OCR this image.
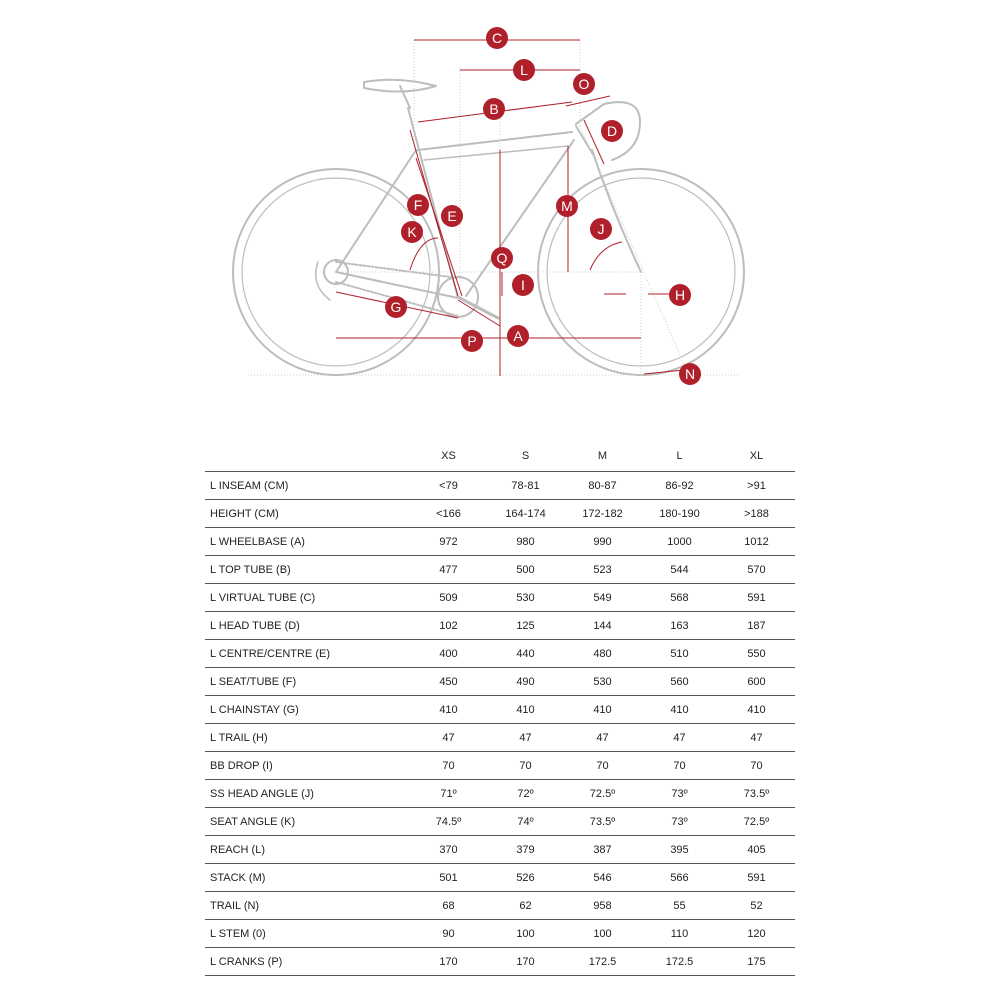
C
L
O
B
D
F
E
M
J
K
Q
I
H
G
A
P
N
	XS	S	M	L	XL
L INSEAM (CM)	<79	78-81	80-87	86-92	>91
HEIGHT (CM)	<166	164-174	172-182	180-190	>188
L WHEELBASE (A)	972	980	990	1000	1012
L TOP TUBE (B)	477	500	523	544	570
L VIRTUAL TUBE (C)	509	530	549	568	591
L HEAD TUBE (D)	102	125	144	163	187
L CENTRE/CENTRE (E)	400	440	480	510	550
L SEAT/TUBE (F)	450	490	530	560	600
L CHAINSTAY (G)	410	410	410	410	410
L TRAIL (H)	47	47	47	47	47
BB DROP (I)	70	70	70	70	70
SS HEAD ANGLE (J)	71º	72º	72.5º	73º	73.5º
SEAT ANGLE (K)	74.5º	74º	73.5º	73º	72.5º
REACH (L)	370	379	387	395	405
STACK (M)	501	526	546	566	591
TRAIL (N)	68	62	958	55	52
L STEM (0)	90	100	100	110	120
L CRANKS (P)	170	170	172.5	172.5	175
